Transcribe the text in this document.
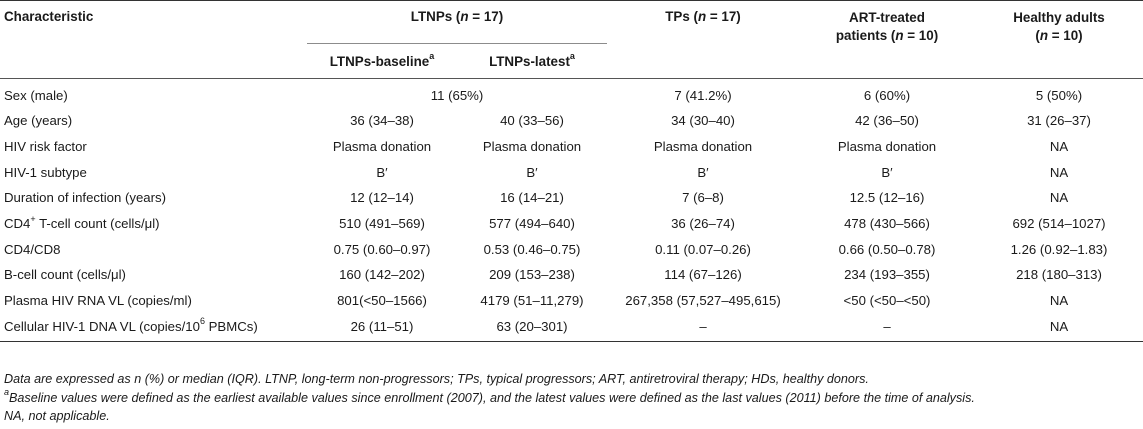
Characteristic	LTNPs (n = 17)		TPs (n = 17)	ART-treated
patients (n = 10)	Healthy adults
(n = 10)
	LTNPs-baseline$^a$	LTNPs-latest$^a$

Sex (male)	11 (65%)		7 (41.2%)	6 (60%)	5 (50%)
Age (years)	36 (34–38)	40 (33–56)	34 (30–40)	42 (36–50)	31 (26–37)
HIV risk factor	Plasma donation	Plasma donation	Plasma donation	Plasma donation	NA
HIV-1 subtype	B′	B′	B′	B′	NA
Duration of infection (years)	12 (12–14)	16 (14–21)	7 (6–8)	12.5 (12–16)	NA
CD4+ T-cell count (cells/μl)	510 (491–569)	577 (494–640)	36 (26–74)	478 (430–566)	692 (514–1027)
CD4/CD8	0.75 (0.60–0.97)	0.53 (0.46–0.75)	0.11 (0.07–0.26)	0.66 (0.50–0.78)	1.26 (0.92–1.83)
B-cell count (cells/μl)	160 (142–202)	209 (153–238)	114 (67–126)	234 (193–355)	218 (180–313)
Plasma HIV RNA VL (copies/ml)	801(<50–1566)	4179 (51–11,279)	267,358 (57,527–495,615)	<50 (<50–<50)	NA
Cellular HIV-1 DNA VL ($copies/10^6$ PBMCs)	26 (11–51)	63 (20–301)	–	–	NA

Data are expressed as n (%) or median (IQR). LTNP, long-term non-progressors; TPs, typical progressors; ART, antiretroviral therapy; HDs, healthy donors.

$^a$Baseline values were defined as the earliest available values since enrollment (2007), and the latest values were defined as the last values (2011) before the time of analysis.

NA, not applicable.
